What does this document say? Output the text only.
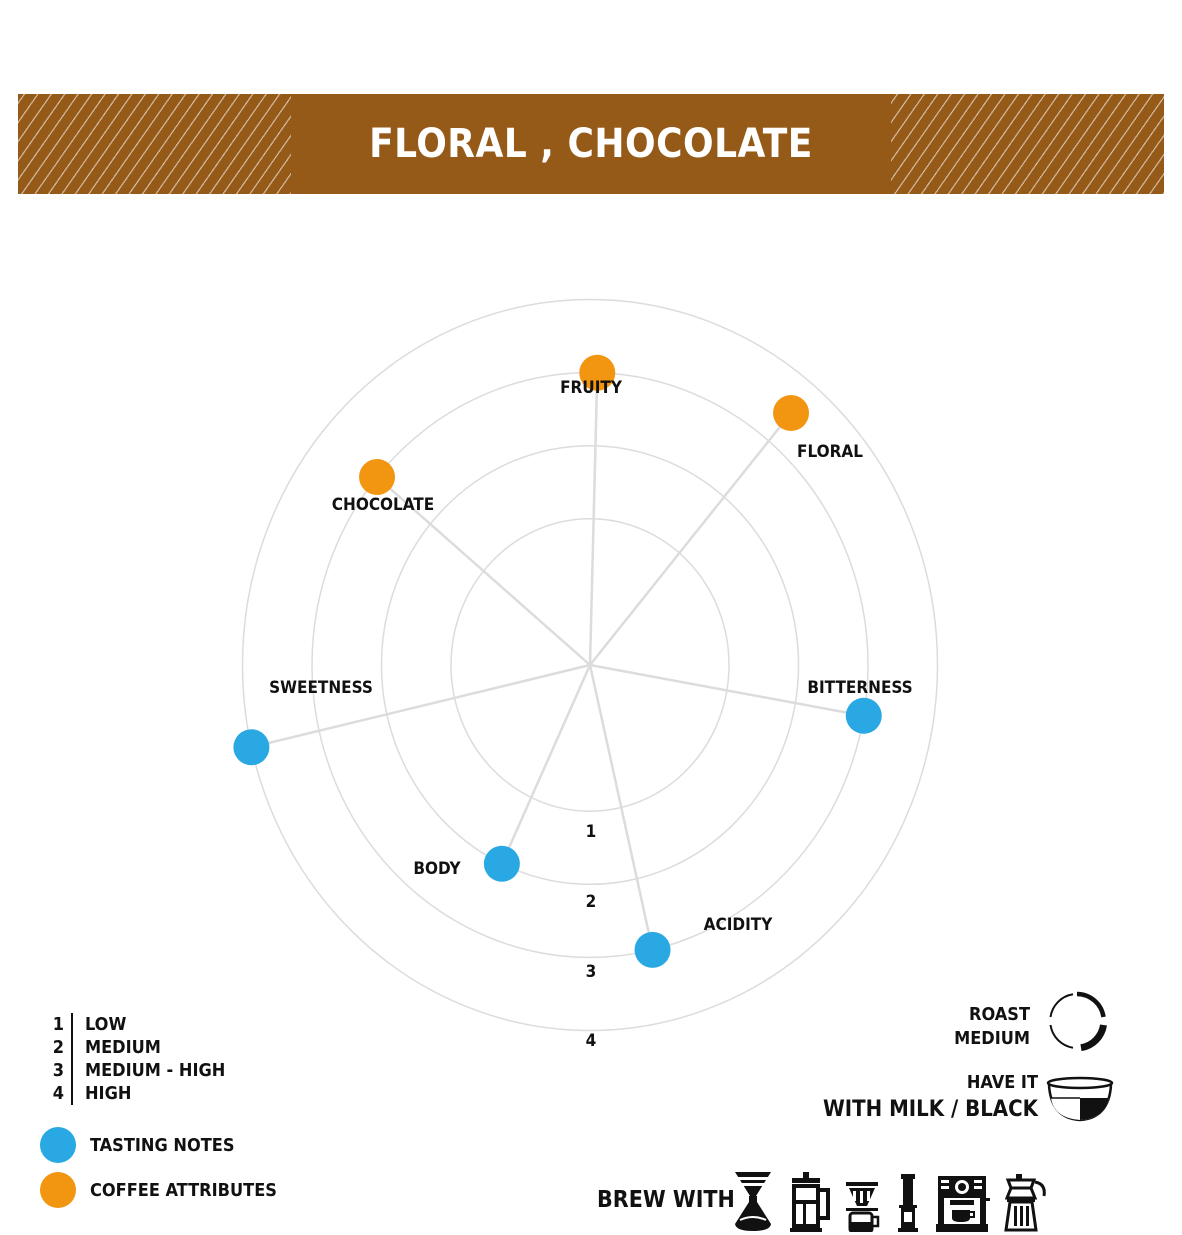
FLORAL , CHOCOLATE
1
2
3
4
FRUITY
FLORAL
BITTERNESS
ACIDITY
BODY
SWEETNESS
CHOCOLATE
1	LOW
2	MEDIUM
3	MEDIUM - HIGH
4	HIGH
TASTING NOTES
COFFEE ATTRIBUTES
ROAST
MEDIUM
HAVE IT
WITH MILK / BLACK
BREW WITH
